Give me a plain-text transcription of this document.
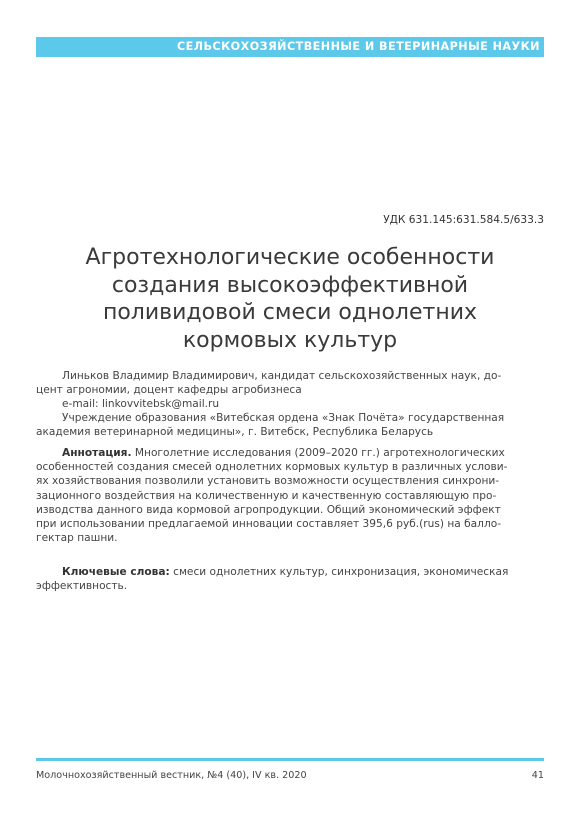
СЕЛЬСКОХОЗЯЙСТВЕННЫЕ И ВЕТЕРИНАРНЫЕ НАУКИ
УДК 631.145:631.584.5/633.3
Агротехнологические особенности
создания высокоэффективной
поливидовой смеси однолетних
кормовых культур
Линьков Владимир Владимирович, кандидат сельскохозяйственных наук, до-
цент агрономии, доцент кафедры агробизнеса
e-mail: linkovvitebsk@mail.ru
Учреждение образования «Витебская ордена «Знак Почёта» государственная
академия ветеринарной медицины», г. Витебск, Республика Беларусь
Аннотация. Многолетние исследования (2009–2020 гг.) агротехнологических
особенностей создания смесей однолетних кормовых культур в различных услови-
ях хозяйствования позволили установить возможности осуществления синхрони-
зационного воздействия на количественную и качественную составляющую про-
изводства данного вида кормовой агропродукции. Общий экономический эффект
при использовании предлагаемой инновации составляет 395,6 руб.(rus) на балло-
гектар пашни.
Ключевые слова: смеси однолетних культур, синхронизация, экономическая
эффективность.
Молочнохозяйственный вестник, №4 (40), IV кв. 2020	41
